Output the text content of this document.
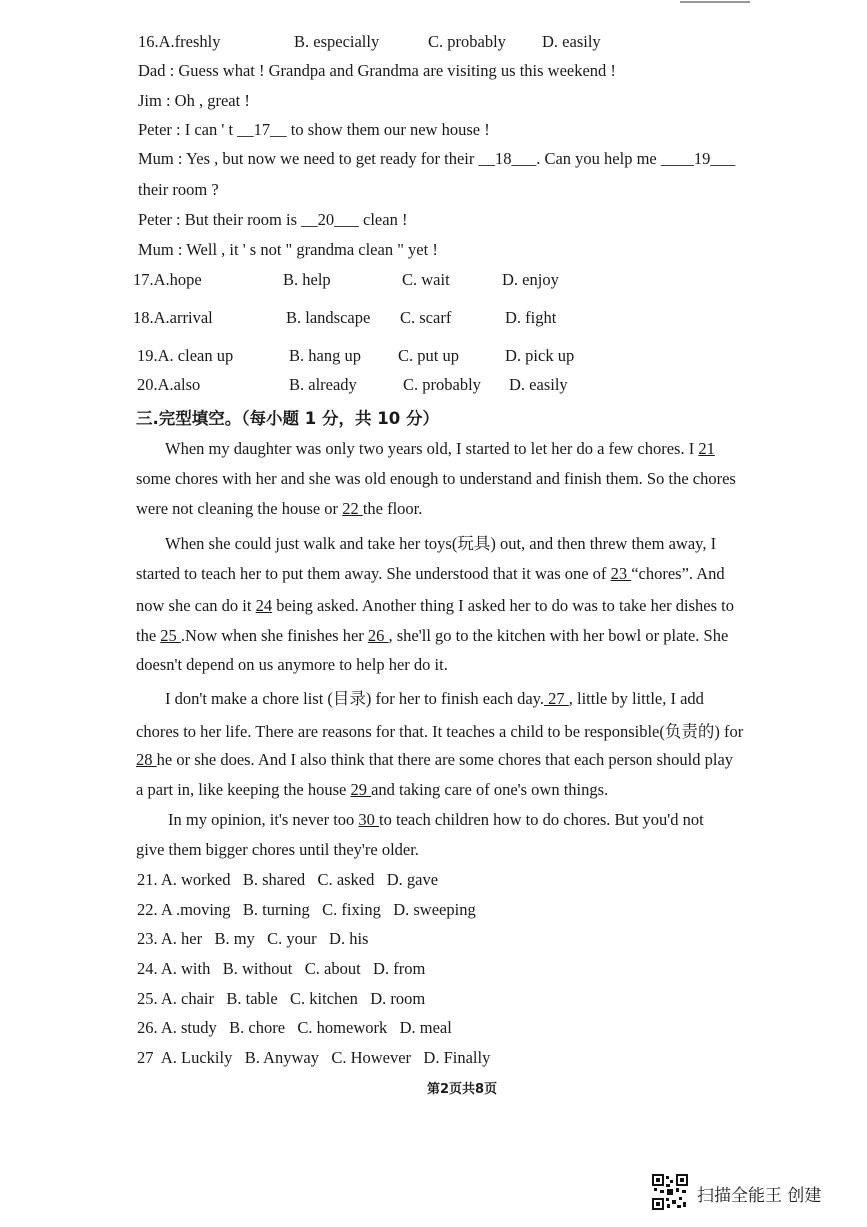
16.A.freshly	B. especially	C. probably D. easily
Dad : Guess what ! Grandpa and Grandma are visiting us this weekend !
Jim : Oh , great !
Peter : I can ' t __17__ to show them our new house !
Mum : Yes , but now we need to get ready for their __18___. Can you help me ____19___
their room ?
Peter : But their room is __20___ clean !
Mum : Well , it ' s not " grandma clean " yet !
17.A.hope	B. help	C. wait	D. enjoy
18.A.arrival	B. landscape C. scarf	D. fight
19.A. clean up	B. hang up C. put up	D. pick up
20.A.also	B. already	C. probably D. easily
三.完型填空。（每小题 1 分，共 10 分）
When my daughter was only two years old, I started to let her do a few chores. I 21
some chores with her and she was old enough to understand and finish them. So the chores
were not cleaning the house or 22 the floor.
When she could just walk and take her toys(玩具) out, and then threw them away, I
started to teach her to put them away. She understood that it was one of 23 “chores”. And
now she can do it 24 being asked. Another thing I asked her to do was to take her dishes to
the 25 .Now when she finishes her 26 , she'll go to the kitchen with her bowl or plate. She
doesn't depend on us anymore to help her do it.
I don't make a chore list (目录) for her to finish each day. 27 , little by little, I add
chores to her life. There are reasons for that. It teaches a child to be responsible(负责的) for
28 he or she does. And I also think that there are some chores that each person should play
a part in, like keeping the house 29 and taking care of one's own things.
In my opinion, it's never too 30 to teach children how to do chores. But you'd not
give them bigger chores until they're older.
21. A. worked   B. shared   C. asked   D. gave
22. A .moving   B. turning   C. fixing   D. sweeping
23. A. her   B. my   C. your   D. his
24. A. with   B. without   C. about   D. from
25. A. chair   B. table   C. kitchen   D. room
26. A. study   B. chore   C. homework   D. meal
27  A. Luckily   B. Anyway   C. However   D. Finally
第2页共8页
扫描全能王 创建
